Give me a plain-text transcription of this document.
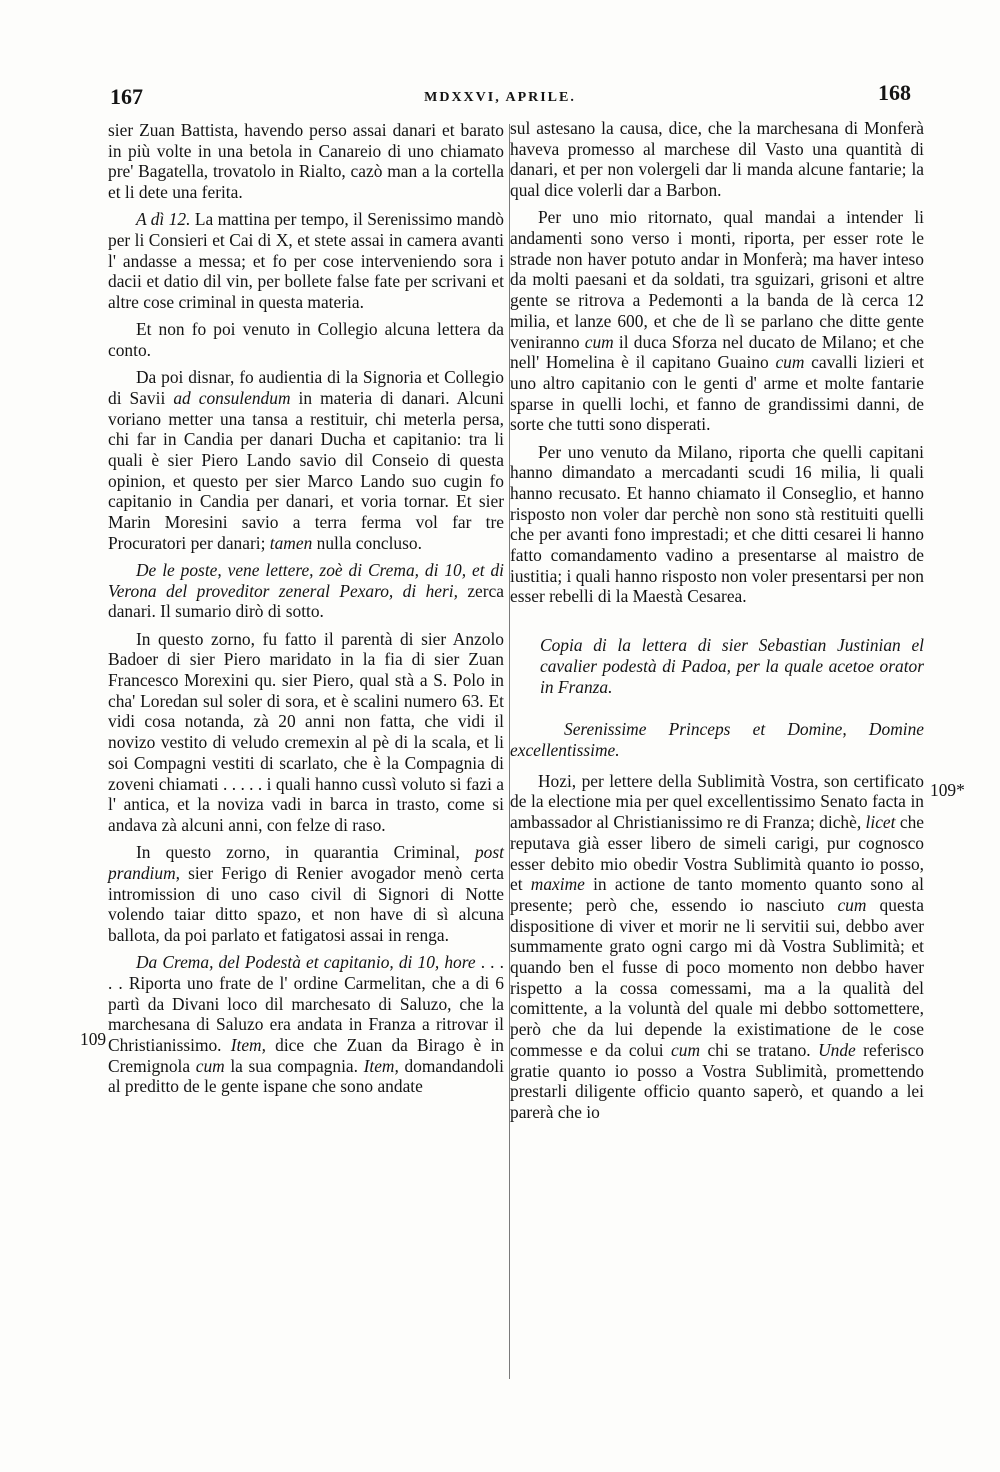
167	MDXXVI, APRILE.	168
109
109*

sier Zuan Battista, havendo perso assai danari et barato in più volte in una betola in Canareio di uno chiamato pre' Bagatella, trovatolo in Rialto, cazò man a la cortella et li dete una ferita.

A dì 12. La mattina per tempo, il Serenissimo mandò per li Consieri et Cai di X, et stete assai in camera avanti l' andasse a messa; et fo per cose interveniendo sora i dacii et datio dil vin, per bollete false fate per scrivani et altre cose criminal in questa materia.

Et non fo poi venuto in Collegio alcuna lettera da conto.

Da poi disnar, fo audientia di la Signoria et Collegio di Savii ad consulendum in materia di danari. Alcuni voriano metter una tansa a restituir, chi meterla persa, chi far in Candia per danari Ducha et capitanio: tra li quali è sier Piero Lando savio dil Conseio di questa opinion, et questo per sier Marco Lando suo cugin fo capitanio in Candia per danari, et voria tornar. Et sier Marin Moresini savio a terra ferma vol far tre Procuratori per danari; tamen nulla concluso.

De le poste, vene lettere, zoè di Crema, di 10, et di Verona del proveditor zeneral Pexaro, di heri, zerca danari. Il sumario dirò di sotto.

In questo zorno, fu fatto il parentà di sier Anzolo Badoer di sier Piero maridato in la fia di sier Zuan Francesco Morexini qu. sier Piero, qual stà a S. Polo in cha' Loredan sul soler di sora, et è scalini numero 63. Et vidi cosa notanda, zà 20 anni non fatta, che vidi il novizo vestito di veludo cremexin al pè di la scala, et li soi Compagni vestiti di scarlato, che è la Compagnia di zoveni chiamati . . . . . i quali hanno cussì voluto si fazi a l' antica, et la noviza vadi in barca in trasto, come si andava zà alcuni anni, con felze di raso.

In questo zorno, in quarantia Criminal, post prandium, sier Ferigo di Renier avogador menò certa intromission di uno caso civil di Signori di Notte volendo taiar ditto spazo, et non have di sì alcuna ballota, da poi parlato et fatigatosi assai in renga.

Da Crema, del Podestà et capitanio, di 10, hore . . . . . Riporta uno frate de l' ordine Carmelitan, che a di 6 partì da Divani loco dil marchesato di Saluzo, che la marchesana di Saluzo era andata in Franza a ritrovar il Christianissimo. Item, dice che Zuan da Birago è in Cremignola cum la sua compagnia. Item, domandandoli al preditto de le gente ispane che sono andate

sul astesano la causa, dice, che la marchesana di Monferà haveva promesso al marchese dil Vasto una quantità di danari, et per non volergeli dar li manda alcune fantarie; la qual dice volerli dar a Barbon.

Per uno mio ritornato, qual mandai a intender li andamenti sono verso i monti, riporta, per esser rote le strade non haver potuto andar in Monferà; ma haver inteso da molti paesani et da soldati, tra sguizari, grisoni et altre gente se ritrova a Pedemonti a la banda de là cerca 12 milia, et lanze 600, et che de lì se parlano che ditte gente veniranno cum il duca Sforza nel ducato de Milano; et che nell' Homelina è il capitano Guaino cum cavalli lizieri et uno altro capitanio con le genti d' arme et molte fantarie sparse in quelli lochi, et fanno de grandissimi danni, de sorte che tutti sono disperati.

Per uno venuto da Milano, riporta che quelli capitani hanno dimandato a mercadanti scudi 16 milia, li quali hanno recusato. Et hanno chiamato il Conseglio, et hanno risposto non voler dar perchè non sono stà restituiti quelli che per avanti fono imprestadi; et che ditti cesarei li hanno fatto comandamento vadino a presentarse al maistro de iustitia; i quali hanno risposto non voler presentarsi per non esser rebelli di la Maestà Cesarea.

Copia di la lettera di sier Sebastian Justinian el cavalier podestà di Padoa, per la quale acetoe orator in Franza.

Serenissime Princeps et Domine, Domine excellentissime.

Hozi, per lettere della Sublimità Vostra, son certificato de la electione mia per quel excellentissimo Senato facta in ambassador al Christianissimo re di Franza; dichè, licet che reputava già esser libero de simeli carigi, pur cognosco esser debito mio obedir Vostra Sublimità quanto io posso, et maxime in actione de tanto momento quanto sono al presente; però che, essendo io nasciuto cum questa dispositione di viver et morir ne li servitii sui, debbo aver summamente grato ogni cargo mi dà Vostra Sublimità; et quando ben el fusse di poco momento non debbo haver rispetto a la cossa comessami, ma a la qualità del comittente, a la voluntà del quale mi debbo sottomettere, però che da lui depende la existimatione de le cose commesse e da colui cum chi se tratano. Unde referisco gratie quanto io posso a Vostra Sublimità, promettendo prestarli diligente officio quanto saperò, et quando a lei parerà che io
